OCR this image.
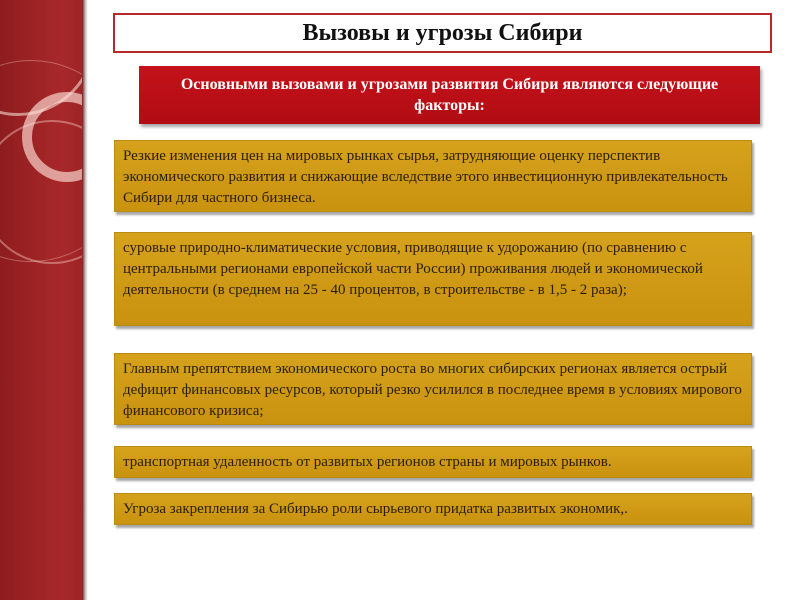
Вызовы и угрозы Сибири
Основными вызовами и угрозами развития Сибири являются следующие факторы:
Резкие изменения цен на мировых рынках сырья, затрудняющие оценку перспектив экономического развития и снижающие вследствие этого инвестиционную привлекательность Сибири для частного бизнеса.
суровые природно-климатические условия, приводящие к удорожанию (по сравнению с центральными регионами европейской части России) проживания людей и экономической деятельности (в среднем на 25 - 40 процентов, в строительстве - в 1,5 - 2 раза);
Главным препятствием экономического роста во многих сибирских регионах является острый дефицит финансовых ресурсов, который резко усилился в последнее время в условиях мирового финансового кризиса;
транспортная удаленность от развитых регионов страны и мировых рынков.
Угроза закрепления за Сибирью роли сырьевого придатка развитых экономик,.
